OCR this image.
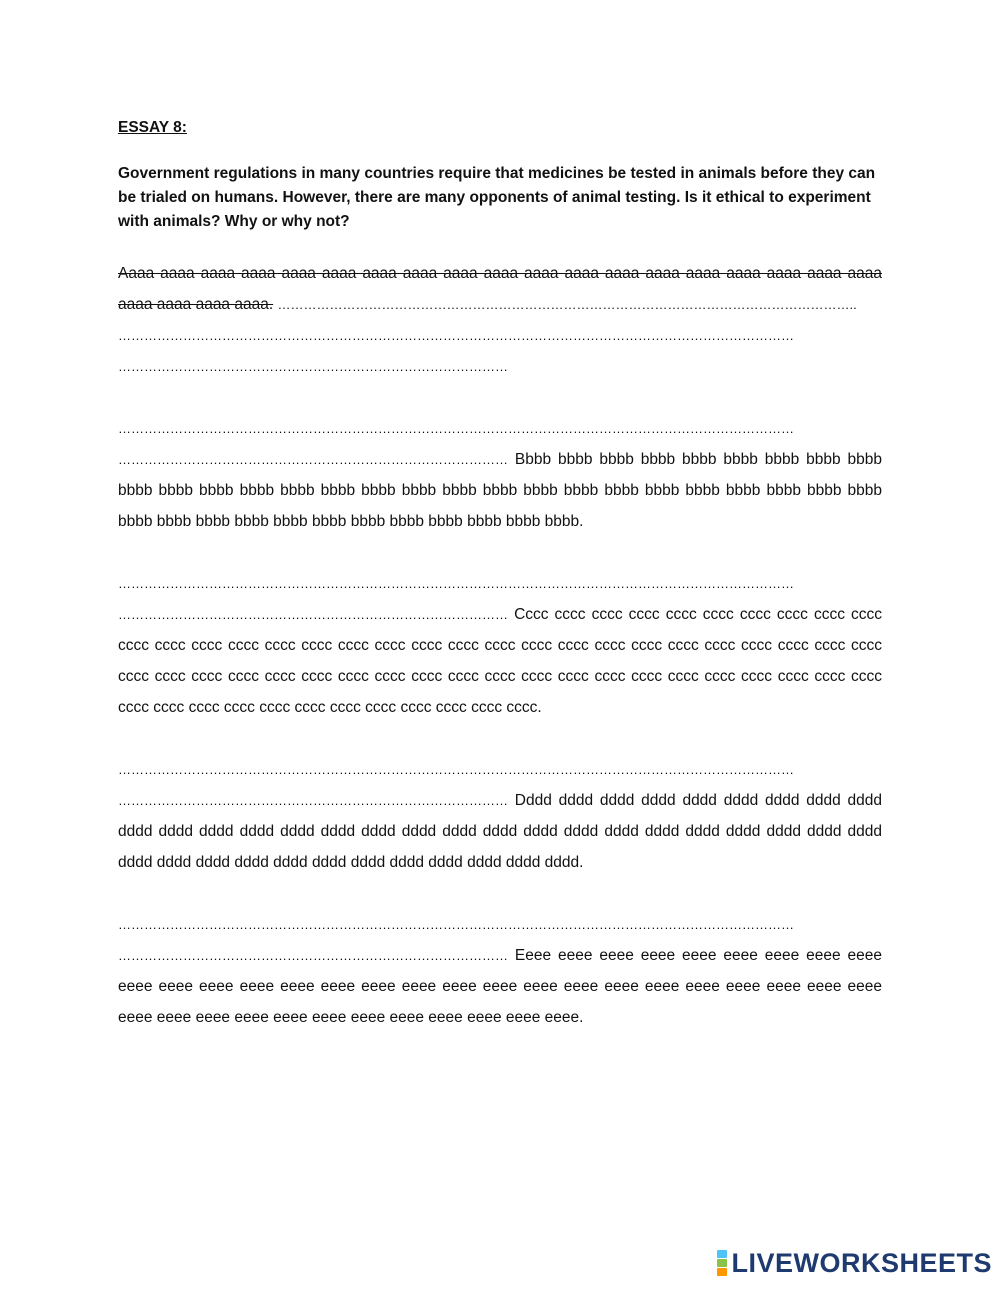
ESSAY 8:
Government regulations in many countries require that medicines be tested in animals before they can be trialed on humans. However, there are many opponents of animal testing. Is it ethical to experiment with animals? Why or why not?
Aaaa aaaa aaaa aaaa aaaa aaaa aaaa aaaa aaaa aaaa aaaa aaaa aaaa aaaa aaaa aaaa aaaa aaaa aaaa aaaa aaaa aaaa aaaa. ……………………………………………………………………………………………………………………..
…………………………………………………………………………………………………………………………………………
………………………………………………………………………………
…………………………………………………………………………………………………………………………………………
……………………………………………………………………………… Bbbb bbbb bbbb bbbb bbbb bbbb bbbb bbbb bbbb bbbb bbbb bbbb bbbb bbbb bbbb bbbb bbbb bbbb bbbb bbbb bbbb bbbb bbbb bbbb bbbb bbbb bbbb bbbb bbbb bbbb bbbb bbbb bbbb bbbb bbbb bbbb bbbb bbbb bbbb bbbb.
…………………………………………………………………………………………………………………………………………
……………………………………………………………………………… Cccc cccc cccc cccc cccc cccc cccc cccc cccc cccc cccc cccc cccc cccc cccc cccc cccc cccc cccc cccc cccc cccc cccc cccc cccc cccc cccc cccc cccc cccc cccc cccc cccc cccc cccc cccc cccc cccc cccc cccc cccc cccc cccc cccc cccc cccc cccc cccc cccc cccc cccc cccc cccc cccc cccc cccc cccc cccc cccc cccc cccc cccc cccc cccc.
…………………………………………………………………………………………………………………………………………
……………………………………………………………………………… Dddd dddd dddd dddd dddd dddd dddd dddd dddd dddd dddd dddd dddd dddd dddd dddd dddd dddd dddd dddd dddd dddd dddd dddd dddd dddd dddd dddd dddd dddd dddd dddd dddd dddd dddd dddd dddd dddd dddd dddd.
…………………………………………………………………………………………………………………………………………
……………………………………………………………………………… Eeee eeee eeee eeee eeee eeee eeee eeee eeee eeee eeee eeee eeee eeee eeee eeee eeee eeee eeee eeee eeee eeee eeee eeee eeee eeee eeee eeee eeee eeee eeee eeee eeee eeee eeee eeee eeee eeee eeee eeee.
LIVEWORKSHEETS
